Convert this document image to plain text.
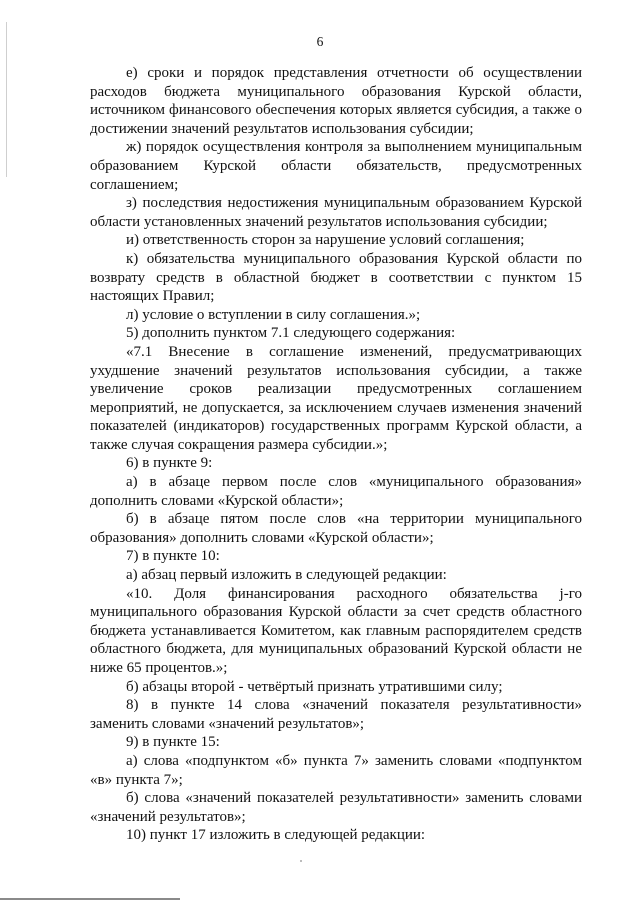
6

е) сроки и порядок представления отчетности об осуществлении расходов бюджета муниципального образования Курской области, источником финансового обеспечения которых является субсидия, а также о достижении значений результатов использования субсидии;

ж) порядок осуществления контроля за выполнением муниципальным образованием Курской области обязательств, предусмотренных соглашением;

з) последствия недостижения муниципальным образованием Курской области установленных значений результатов использования субсидии;

и) ответственность сторон за нарушение условий соглашения;

к) обязательства муниципального образования Курской области по возврату средств в областной бюджет в соответствии с пунктом 15 настоящих Правил;

л) условие о вступлении в силу соглашения.»;

5) дополнить пунктом 7.1 следующего содержания:

«7.1 Внесение в соглашение изменений, предусматривающих ухудшение значений результатов использования субсидии, а также увеличение сроков реализации предусмотренных соглашением мероприятий, не допускается, за исключением случаев изменения значений показателей (индикаторов) государственных программ Курской области, а также случая сокращения размера субсидии.»;

6) в пункте 9:

а) в абзаце первом после слов «муниципального образования» дополнить словами «Курской области»;

б) в абзаце пятом после слов «на территории муниципального образования» дополнить словами «Курской области»;

7) в пункте 10:

а) абзац первый изложить в следующей редакции:

«10. Доля финансирования расходного обязательства j-го муниципального образования Курской области за счет средств областного бюджета устанавливается Комитетом, как главным распорядителем средств областного бюджета, для муниципальных образований Курской области не ниже 65 процентов.»;

б) абзацы второй - четвёртый признать утратившими силу;

8) в пункте 14 слова «значений показателя результативности» заменить словами «значений результатов»;

9) в пункте 15:

а) слова «подпунктом «б» пункта 7» заменить словами «подпунктом «в» пункта 7»;

б) слова «значений показателей результативности» заменить словами «значений результатов»;

10) пункт 17 изложить в следующей редакции:
